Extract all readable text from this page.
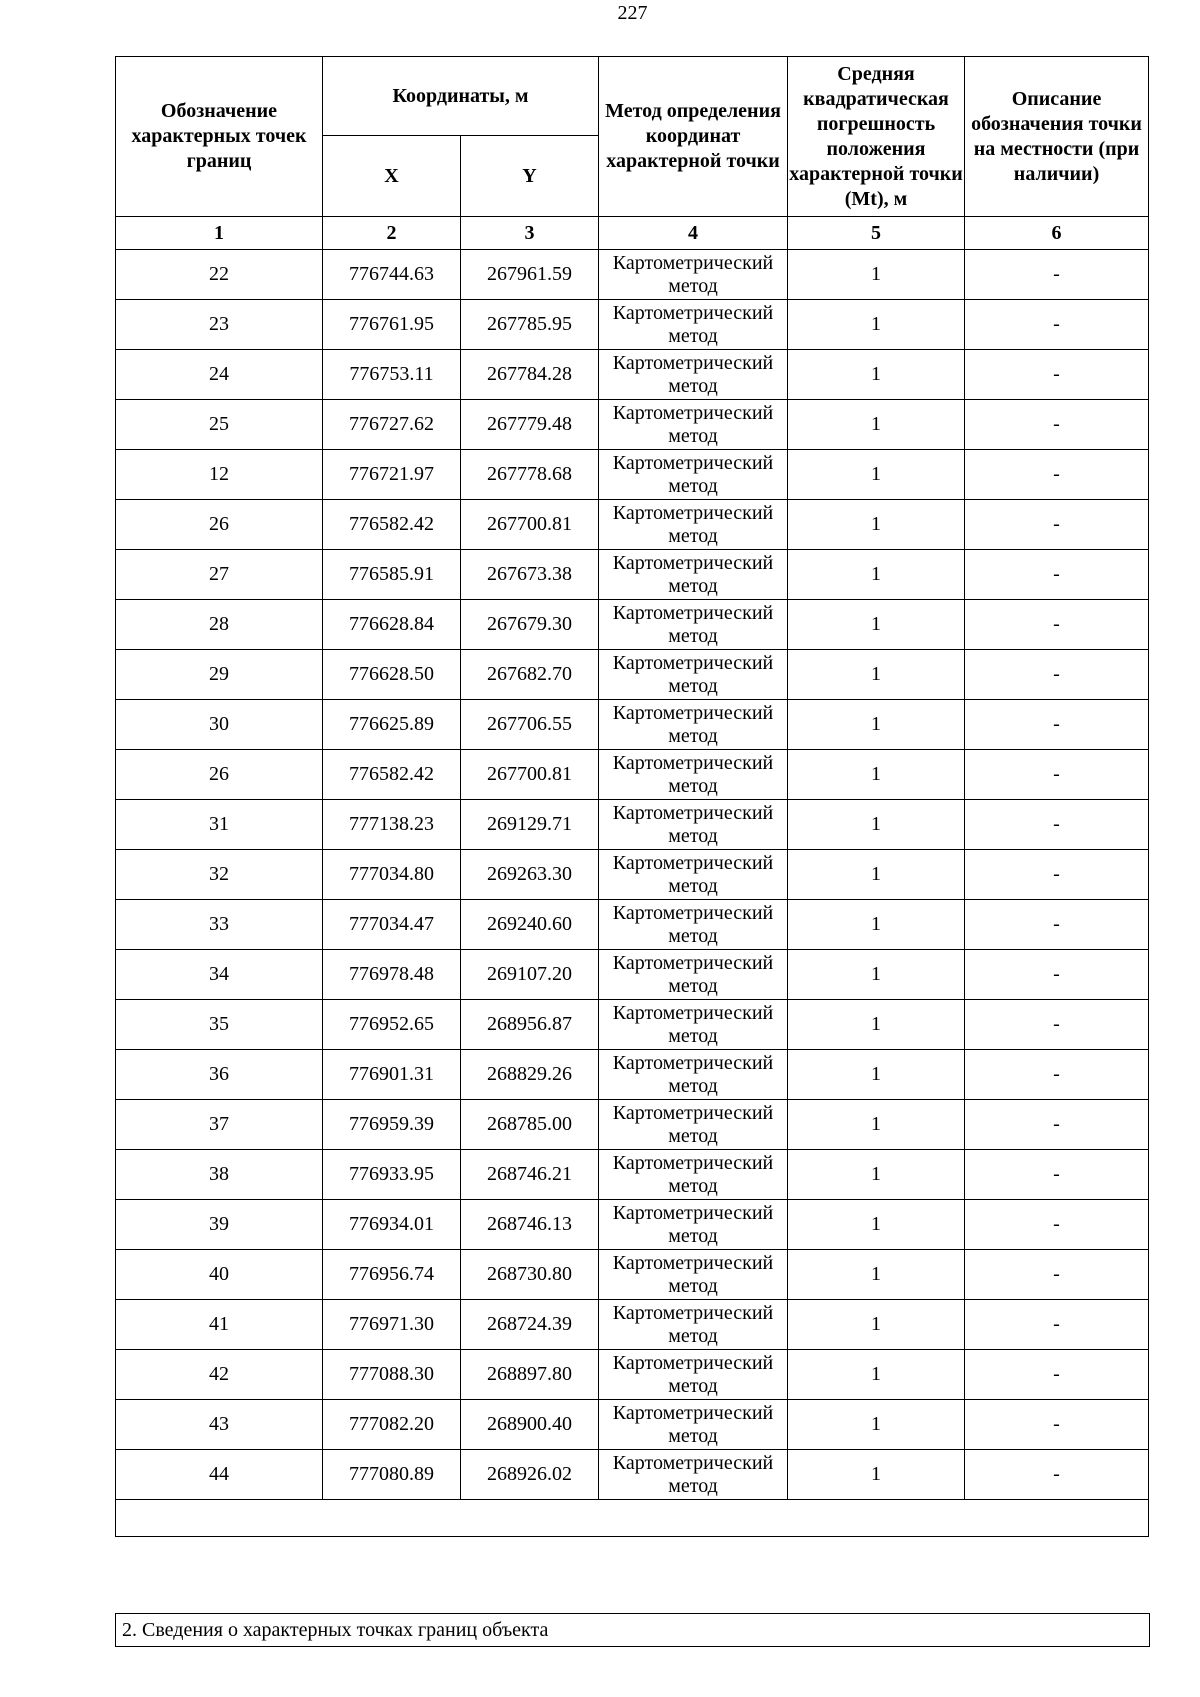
227
Обозначение характерных точек границ	Координаты, м		Метод определения координат характерной точки	Средняя квадратическая погрешность положения характерной точки (Mt), м	Описание обозначения точки на местности (при наличии)
	X	Y			
1	2	3	4	5	6
22	776744.63	267961.59	Картометрический метод	1	-
23	776761.95	267785.95	Картометрический метод	1	-
24	776753.11	267784.28	Картометрический метод	1	-
25	776727.62	267779.48	Картометрический метод	1	-
12	776721.97	267778.68	Картометрический метод	1	-
26	776582.42	267700.81	Картометрический метод	1	-
27	776585.91	267673.38	Картометрический метод	1	-
28	776628.84	267679.30	Картометрический метод	1	-
29	776628.50	267682.70	Картометрический метод	1	-
30	776625.89	267706.55	Картометрический метод	1	-
26	776582.42	267700.81	Картометрический метод	1	-
31	777138.23	269129.71	Картометрический метод	1	-
32	777034.80	269263.30	Картометрический метод	1	-
33	777034.47	269240.60	Картометрический метод	1	-
34	776978.48	269107.20	Картометрический метод	1	-
35	776952.65	268956.87	Картометрический метод	1	-
36	776901.31	268829.26	Картометрический метод	1	-
37	776959.39	268785.00	Картометрический метод	1	-
38	776933.95	268746.21	Картометрический метод	1	-
39	776934.01	268746.13	Картометрический метод	1	-
40	776956.74	268730.80	Картометрический метод	1	-
41	776971.30	268724.39	Картометрический метод	1	-
42	777088.30	268897.80	Картометрический метод	1	-
43	777082.20	268900.40	Картометрический метод	1	-
44	777080.89	268926.02	Картометрический метод	1	-

2. Сведения о характерных точках границ объекта
